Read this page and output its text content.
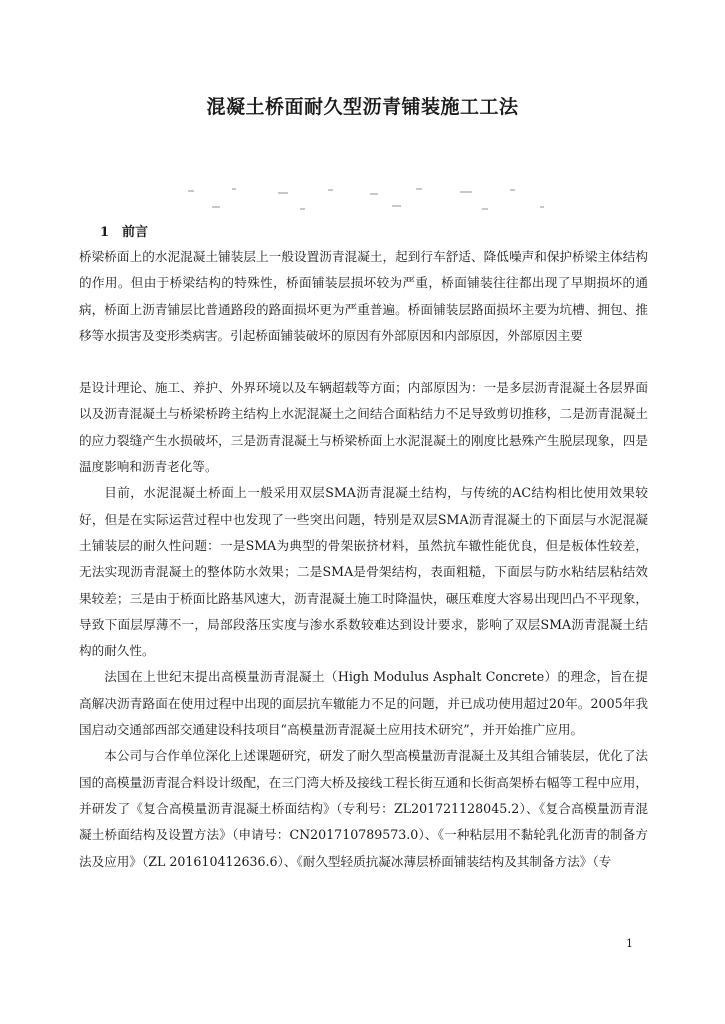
混凝土桥面耐久型沥青铺装施工工法
1　前言

桥梁桥面上的水泥混凝土铺装层上一般设置沥青混凝土，起到行车舒适、降低噪声和保护桥梁主体结构的作用。但由于桥梁结构的特殊性，桥面铺装层损坏较为严重，桥面铺装往往都出现了早期损坏的通病，桥面上沥青铺层比普通路段的路面损坏更为严重普遍。桥面铺装层路面损坏主要为坑槽、拥包、推移等水损害及变形类病害。引起桥面铺装破坏的原因有外部原因和内部原因，外部原因主要

是设计理论、施工、养护、外界环境以及车辆超载等方面；内部原因为：一是多层沥青混凝土各层界面以及沥青混凝土与桥梁桥跨主结构上水泥混凝土之间结合面粘结力不足导致剪切推移，二是沥青混凝土的应力裂缝产生水损破坏，三是沥青混凝土与桥梁桥面上水泥混凝土的刚度比悬殊产生脱层现象，四是温度影响和沥青老化等。

目前，水泥混凝土桥面上一般采用双层SMA沥青混凝土结构，与传统的AC结构相比使用效果较好，但是在实际运营过程中也发现了一些突出问题，特别是双层SMA沥青混凝土的下面层与水泥混凝土铺装层的耐久性问题：一是SMA为典型的骨架嵌挤材料，虽然抗车辙性能优良，但是板体性较差，无法实现沥青混凝土的整体防水效果；二是SMA是骨架结构，表面粗糙，下面层与防水粘结层粘结效果较差；三是由于桥面比路基风速大，沥青混凝土施工时降温快，碾压难度大容易出现凹凸不平现象，导致下面层厚薄不一，局部段落压实度与渗水系数较难达到设计要求，影响了双层SMA沥青混凝土结构的耐久性。

法国在上世纪末提出高模量沥青混凝土（High Modulus Asphalt Concrete）的理念，旨在提高解决沥青路面在使用过程中出现的面层抗车辙能力不足的问题，并已成功使用超过20年。2005年我国启动交通部西部交通建设科技项目“高模量沥青混凝土应用技术研究”，并开始推广应用。

本公司与合作单位深化上述课题研究，研发了耐久型高模量沥青混凝土及其组合铺装层，优化了法国的高模量沥青混合料设计级配，在三门湾大桥及接线工程长街互通和长街高架桥右幅等工程中应用，并研发了《复合高模量沥青混凝土桥面结构》（专利号：ZL201721128045.2）、《复合高模量沥青混凝土桥面结构及设置方法》（申请号：CN201710789573.0）、《一种粘层用不黏轮乳化沥青的制备方法及应用》（ZL 201610412636.6）、《耐久型轻质抗凝冰薄层桥面铺装结构及其制备方法》（专

1
